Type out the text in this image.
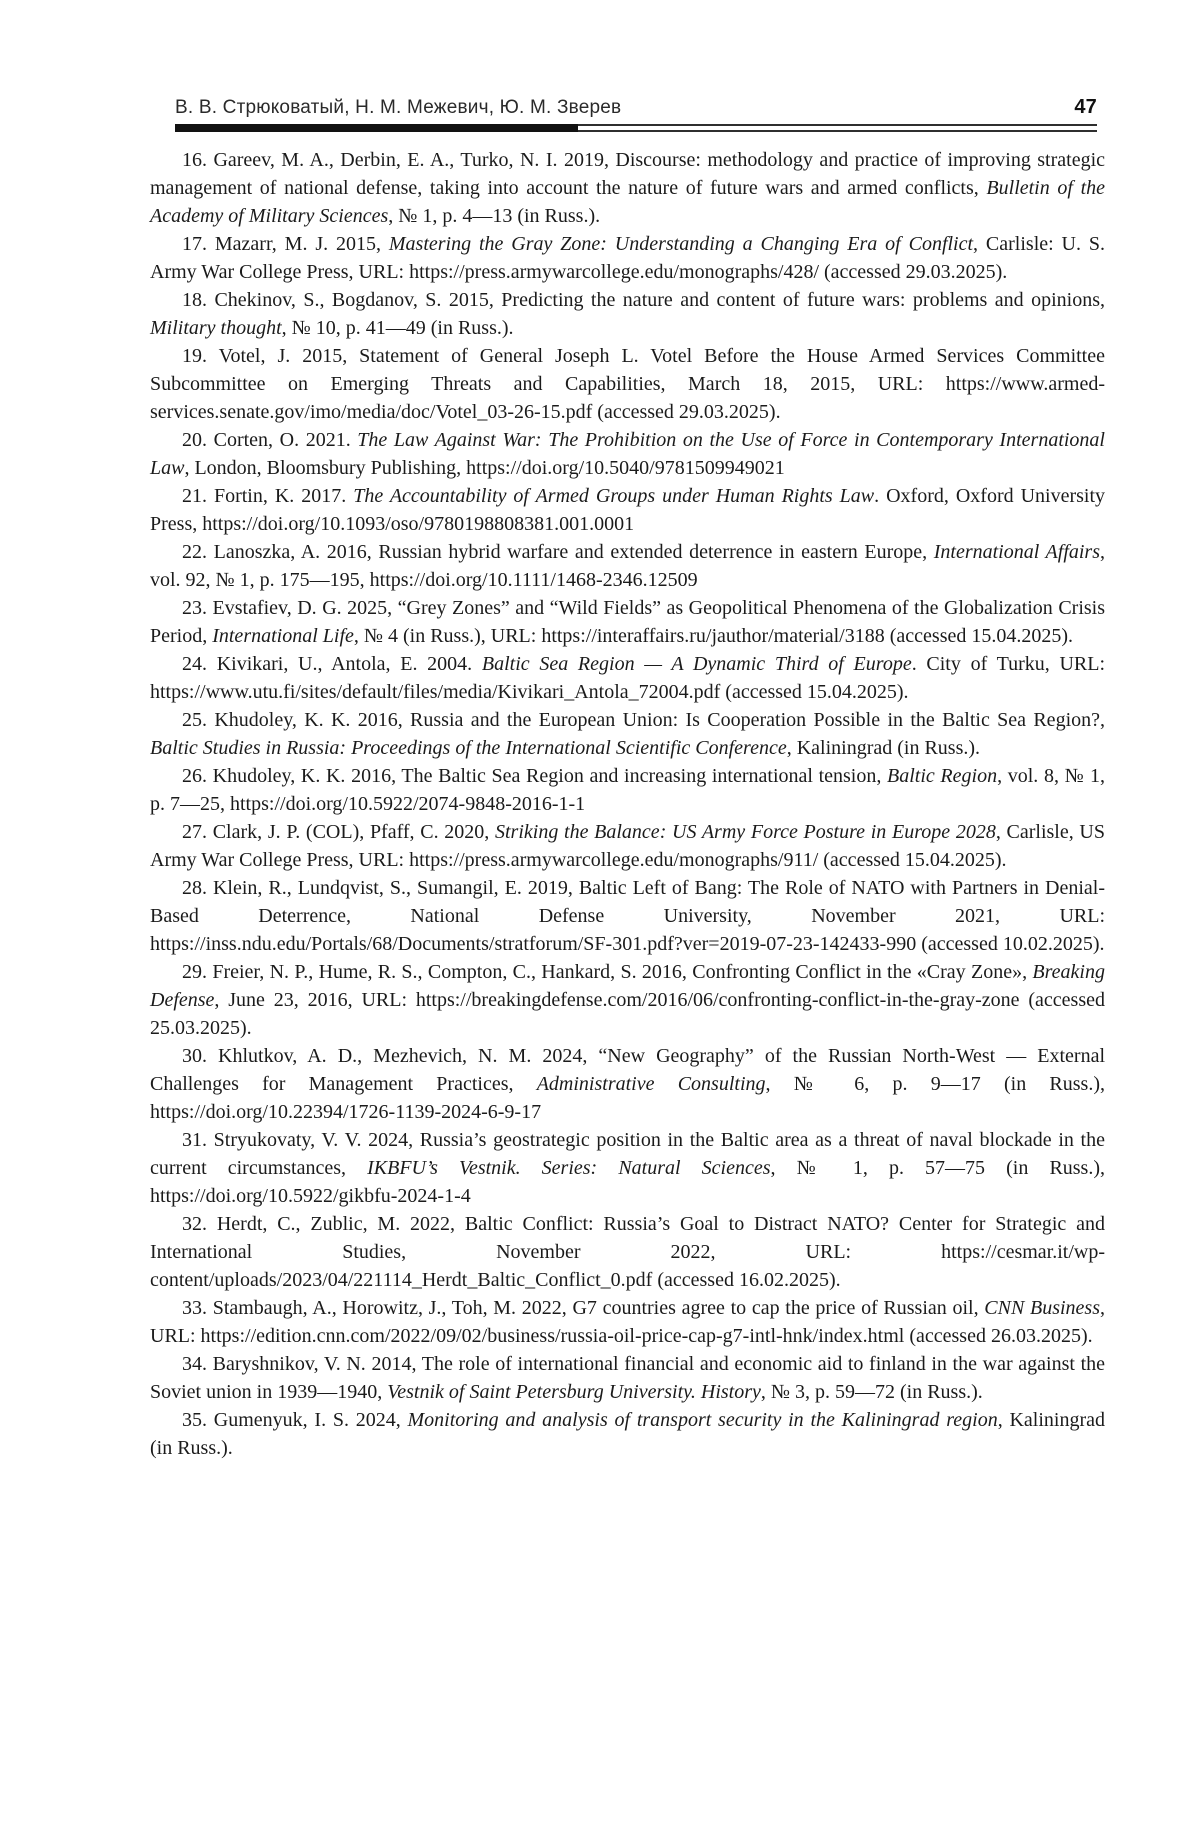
В. В. Стрюковатый, Н. М. Межевич, Ю. М. Зверев	47

16. Gareev, M. A., Derbin, E. A., Turko, N. I. 2019, Discourse: methodology and practice of improving strategic management of national defense, taking into account the nature of future wars and armed conflicts, Bulletin of the Academy of Military Sciences, № 1, p. 4—13 (in Russ.).

17. Mazarr, M. J. 2015, Mastering the Gray Zone: Understanding a Changing Era of Conflict, Carlisle: U. S. Army War College Press, URL: https://press.armywarcollege.edu/monographs/428/ (accessed 29.03.2025).

18. Chekinov, S., Bogdanov, S. 2015, Predicting the nature and content of future wars: problems and opinions, Military thought, № 10, p. 41—49 (in Russ.).

19. Votel, J. 2015, Statement of General Joseph L. Votel Before the House Armed Services Committee Subcommittee on Emerging Threats and Capabilities, March 18, 2015, URL: https://www.armed-services.senate.gov/imo/media/doc/Votel_03-26-15.pdf (accessed 29.03.2025).

20. Corten, O. 2021. The Law Against War: The Prohibition on the Use of Force in Contemporary International Law, London, Bloomsbury Publishing, https://doi.org/10.5040/9781509949021

21. Fortin, K. 2017. The Accountability of Armed Groups under Human Rights Law. Oxford, Oxford University Press, https://doi.org/10.1093/oso/9780198808381.001.0001

22. Lanoszka, A. 2016, Russian hybrid warfare and extended deterrence in eastern Europe, International Affairs, vol. 92, № 1, p. 175—195, https://doi.org/10.1111/1468-2346.12509

23. Evstafiev, D. G. 2025, “Grey Zones” and “Wild Fields” as Geopolitical Phenomena of the Globalization Crisis Period, International Life, № 4 (in Russ.), URL: https://interaffairs.ru/jauthor/material/3188 (accessed 15.04.2025).

24. Kivikari, U., Antola, E. 2004. Baltic Sea Region — A Dynamic Third of Europe. City of Turku, URL: https://www.utu.fi/sites/default/files/media/Kivikari_Antola_72004.pdf (accessed 15.04.2025).

25. Khudoley, K. K. 2016, Russia and the European Union: Is Cooperation Possible in the Baltic Sea Region?, Baltic Studies in Russia: Proceedings of the International Scientific Conference, Kaliningrad (in Russ.).

26. Khudoley, K. K. 2016, The Baltic Sea Region and increasing international tension, Baltic Region, vol. 8, № 1, p. 7—25, https://doi.org/10.5922/2074-9848-2016-1-1

27. Clark, J. P. (COL), Pfaff, C. 2020, Striking the Balance: US Army Force Posture in Europe 2028, Carlisle, US Army War College Press, URL: https://press.armywarcollege.edu/monographs/911/ (accessed 15.04.2025).

28. Klein, R., Lundqvist, S., Sumangil, E. 2019, Baltic Left of Bang: The Role of NATO with Partners in Denial-Based Deterrence, National Defense University, November 2021, URL: https://inss.ndu.edu/Portals/68/Documents/stratforum/SF-301.pdf?ver=2019-07-23-142433-990 (accessed 10.02.2025).

29. Freier, N. P., Hume, R. S., Compton, C., Hankard, S. 2016, Confronting Conflict in the «Cray Zone», Breaking Defense, June 23, 2016, URL: https://breakingdefense.com/2016/06/confronting-conflict-in-the-gray-zone (accessed 25.03.2025).

30. Khlutkov, A. D., Mezhevich, N. M. 2024, “New Geography” of the Russian North-West — External Challenges for Management Practices, Administrative Consulting, № 6, p. 9—17 (in Russ.), https://doi.org/10.22394/1726-1139-2024-6-9-17

31. Stryukovaty, V. V. 2024, Russia’s geostrategic position in the Baltic area as a threat of naval blockade in the current circumstances, IKBFU’s Vestnik. Series: Natural Sciences, № 1, p. 57—75 (in Russ.), https://doi.org/10.5922/gikbfu-2024-1-4

32. Herdt, C., Zublic, M. 2022, Baltic Conflict: Russia’s Goal to Distract NATO? Center for Strategic and International Studies, November 2022, URL: https://cesmar.it/wp-content/uploads/2023/04/221114_Herdt_Baltic_Conflict_0.pdf (accessed 16.02.2025).

33. Stambaugh, A., Horowitz, J., Toh, M. 2022, G7 countries agree to cap the price of Russian oil, CNN Business, URL: https://edition.cnn.com/2022/09/02/business/russia-oil-price-cap-g7-intl-hnk/index.html (accessed 26.03.2025).

34. Baryshnikov, V. N. 2014, The role of international financial and economic aid to finland in the war against the Soviet union in 1939—1940, Vestnik of Saint Petersburg University. History, № 3, p. 59—72 (in Russ.).

35. Gumenyuk, I. S. 2024, Monitoring and analysis of transport security in the Kaliningrad region, Kaliningrad (in Russ.).
